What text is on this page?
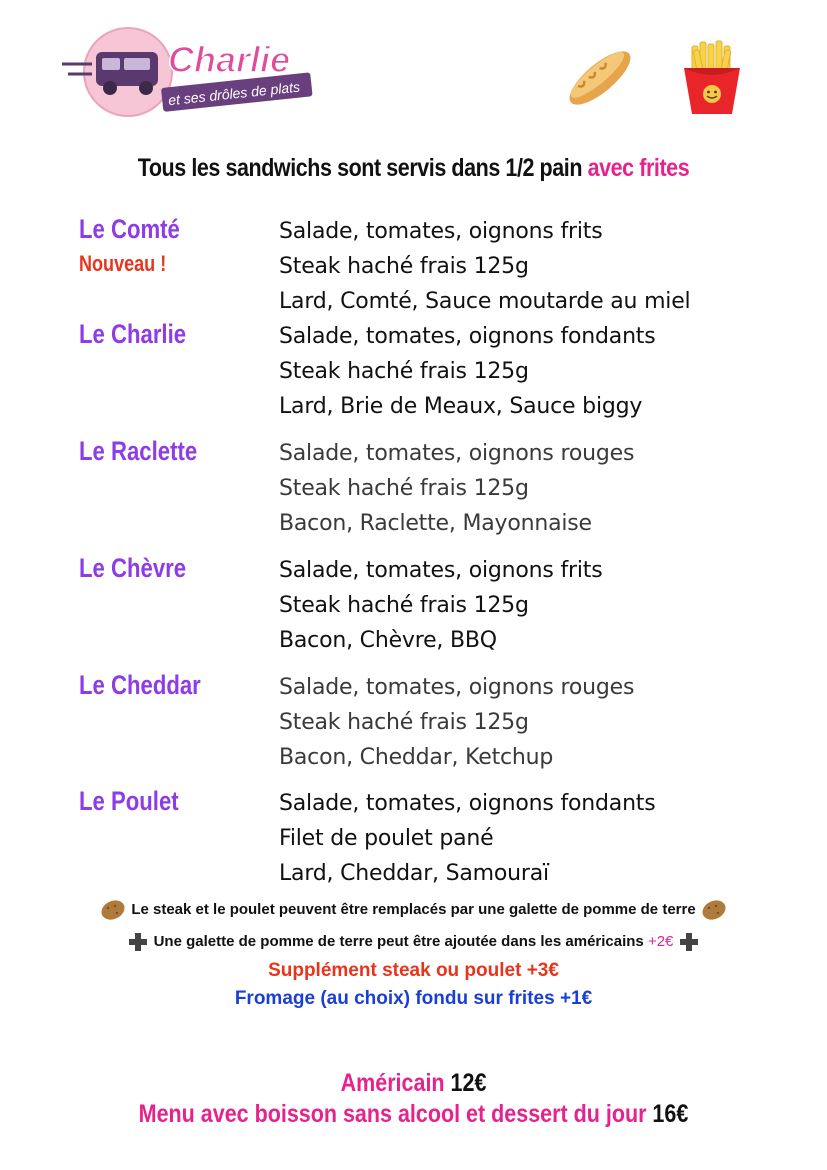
Charlie
et ses drôles de plats
Tous les sandwichs sont servis dans 1/2 pain avec frites
Le Comté
Nouveau !
Salade, tomates, oignons frits
Steak haché frais 125g
Lard, Comté, Sauce moutarde au miel
Le Charlie	Salade, tomates, oignons fondants
Steak haché frais 125g
Lard, Brie de Meaux, Sauce biggy
Le Raclette	Salade, tomates, oignons rouges
Steak haché frais 125g
Bacon, Raclette, Mayonnaise
Le Chèvre	Salade, tomates, oignons frits
Steak haché frais 125g
Bacon, Chèvre, BBQ
Le Cheddar	Salade, tomates, oignons rouges
Steak haché frais 125g
Bacon, Cheddar, Ketchup
Le Poulet	Salade, tomates, oignons fondants
Filet de poulet pané
Lard, Cheddar, Samouraï
Le steak et le poulet peuvent être remplacés par une galette de pomme de terre
Une galette de pomme de terre peut être ajoutée dans les américains +2€
Supplément steak ou poulet +3€
Fromage (au choix) fondu sur frites +1€
Américain 12€
Menu avec boisson sans alcool et dessert du jour 16€
